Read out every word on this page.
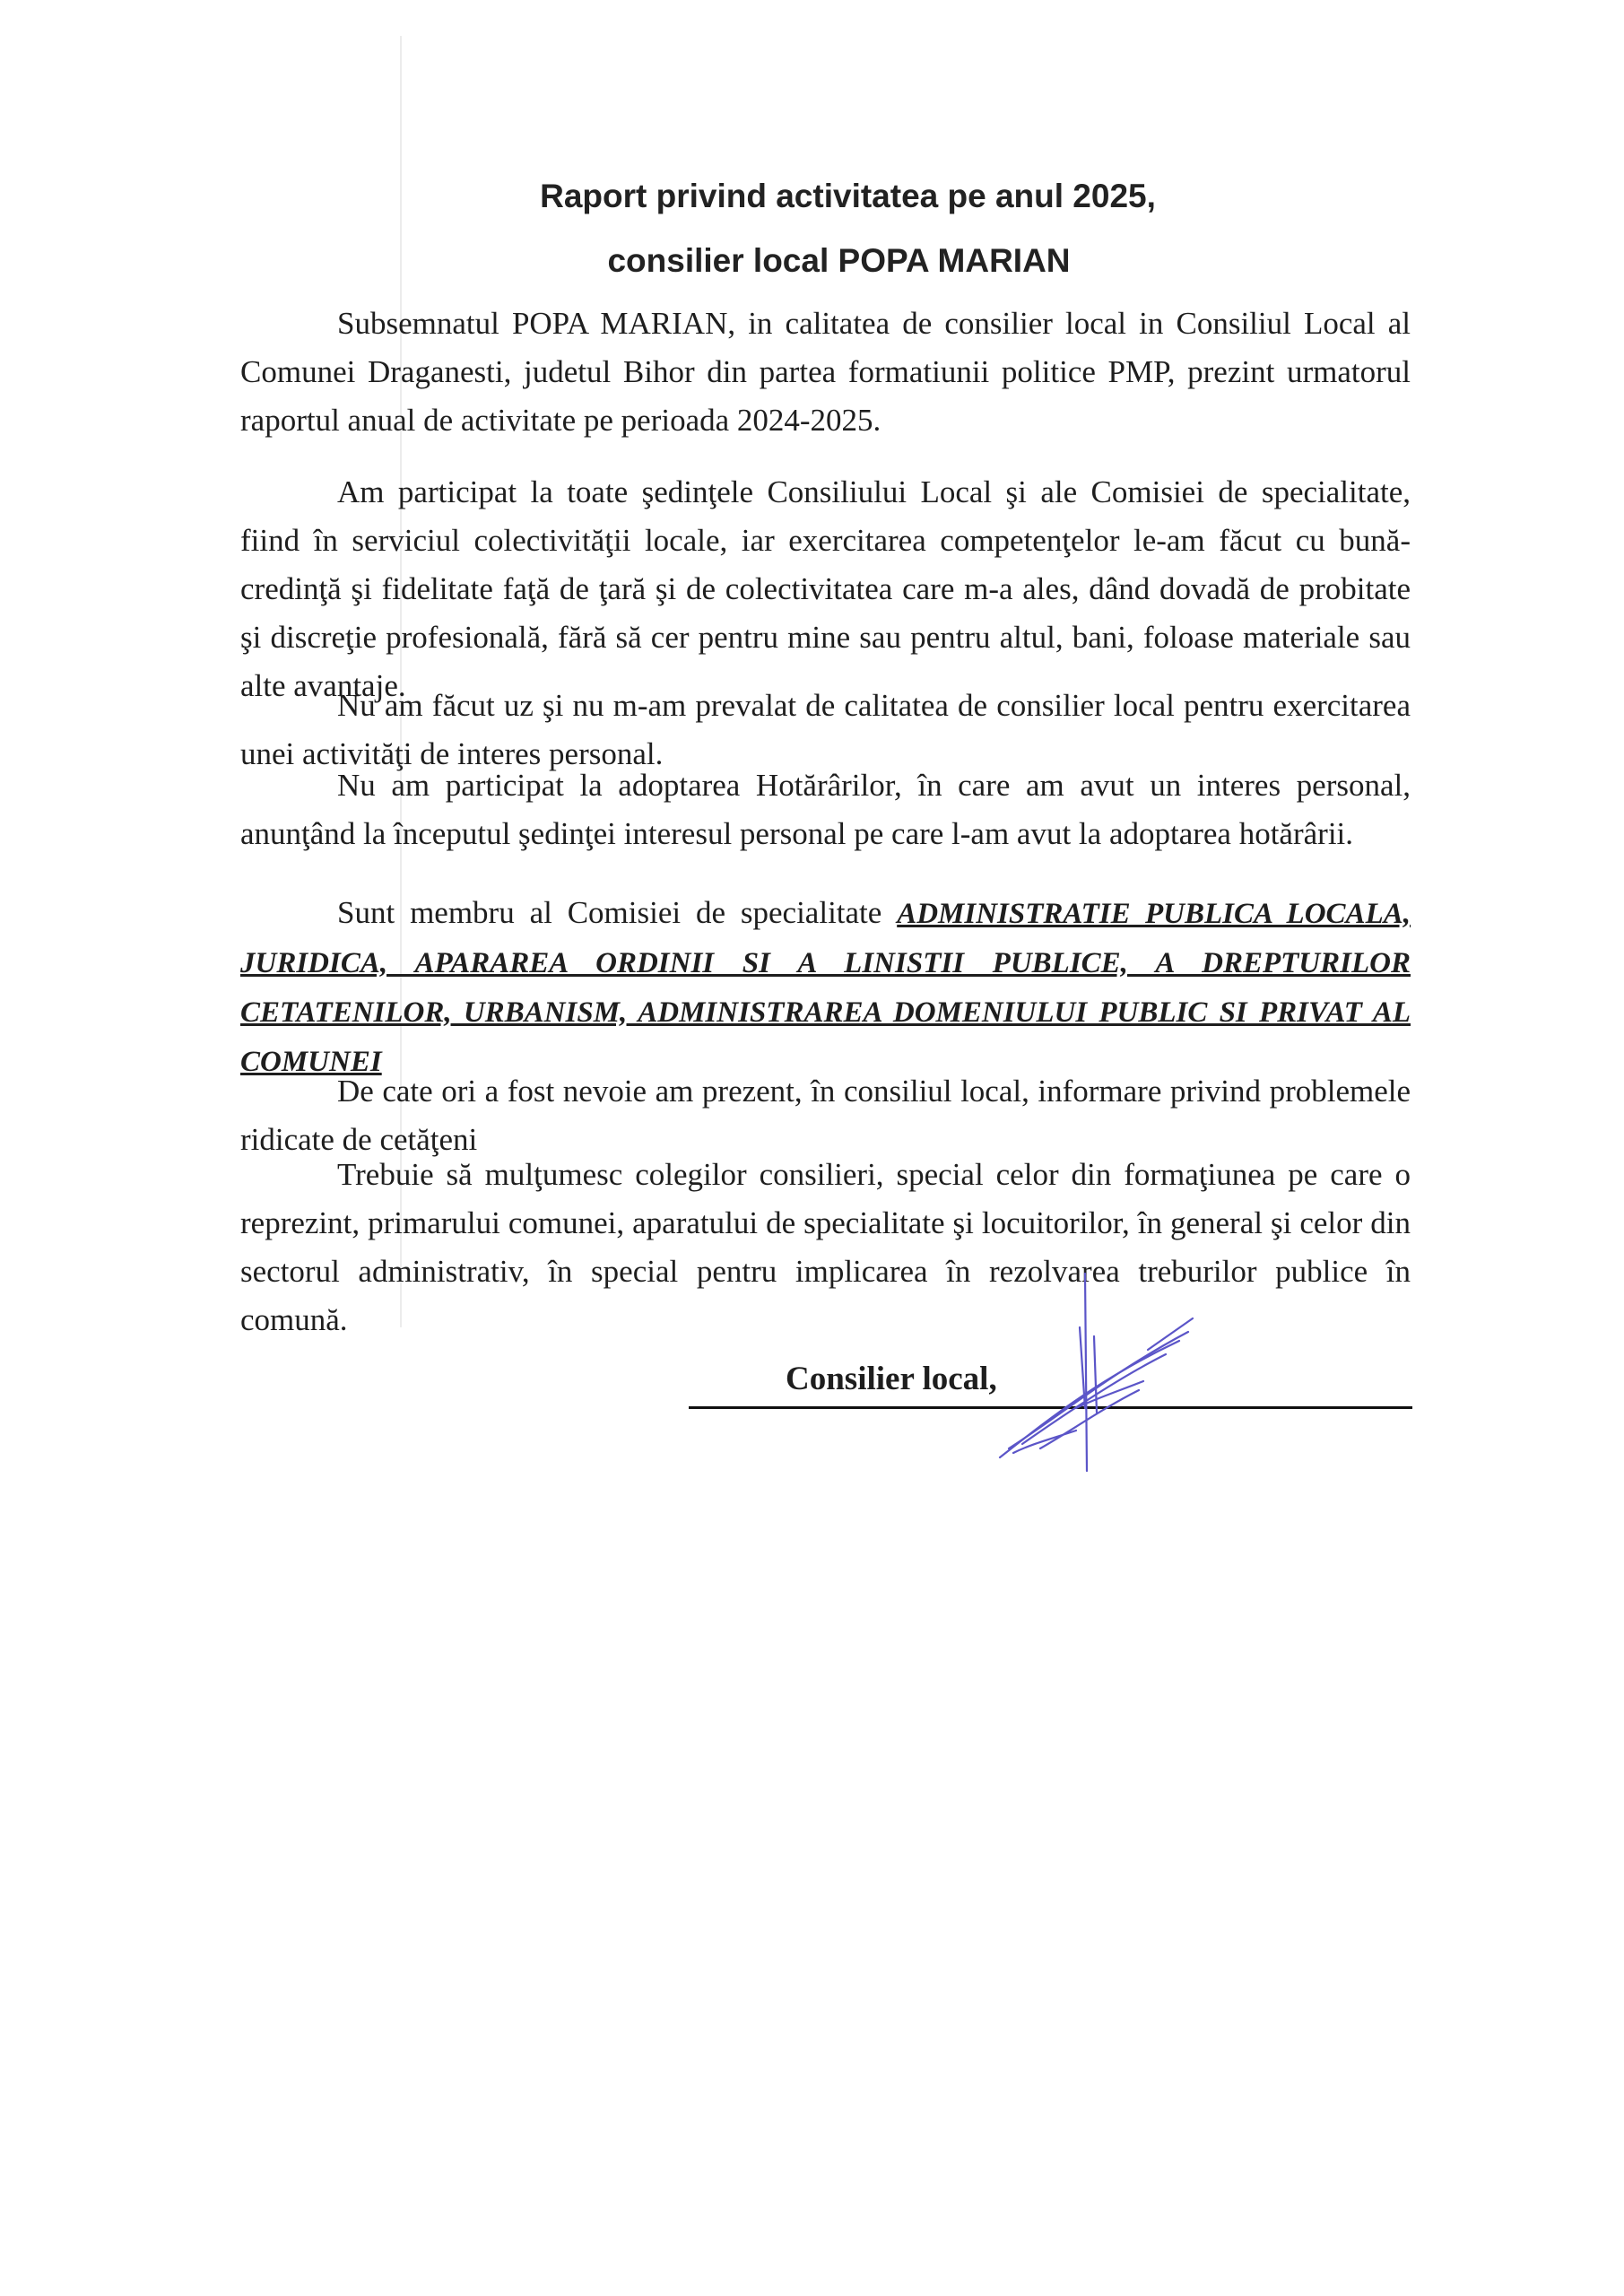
Raport privind activitatea pe anul 2025,
consilier local POPA MARIAN

Subsemnatul POPA MARIAN, in calitatea de consilier local in Consiliul Local al Comunei Draganesti, judetul Bihor din partea formatiunii politice PMP, prezint urmatorul raportul anual de activitate pe perioada 2024-2025.

Am participat la toate şedinţele Consiliului Local şi ale Comisiei de specialitate, fiind în serviciul colectivităţii locale, iar exercitarea competenţelor le-am făcut cu bună-credinţă şi fidelitate faţă de ţară şi de colectivitatea care m-a ales, dând dovadă de probitate şi discreţie profesională, fără să cer pentru mine sau pentru altul, bani, foloase materiale sau alte avantaje.

Nu am făcut uz şi nu m-am prevalat de calitatea de consilier local pentru exercitarea unei activităţi de interes personal.

Nu am participat la adoptarea Hotărârilor, în care am avut un interes personal, anunţând la începutul şedinţei interesul personal pe care l-am avut la adoptarea hotărârii.

Sunt membru al Comisiei de specialitate ADMINISTRATIE PUBLICA LOCALA, JURIDICA, APARAREA ORDINII SI A LINISTII PUBLICE, A DREPTURILOR CETATENILOR, URBANISM, ADMINISTRAREA DOMENIULUI PUBLIC SI PRIVAT AL COMUNEI

De cate ori a fost nevoie am prezent, în consiliul local, informare privind problemele ridicate de cetăţeni

Trebuie să mulţumesc colegilor consilieri, special celor din formaţiunea pe care o reprezint, primarului comunei, aparatului de specialitate şi locuitorilor, în general şi celor din sectorul administrativ, în special pentru implicarea în rezolvarea treburilor publice în comună.

Consilier local,
